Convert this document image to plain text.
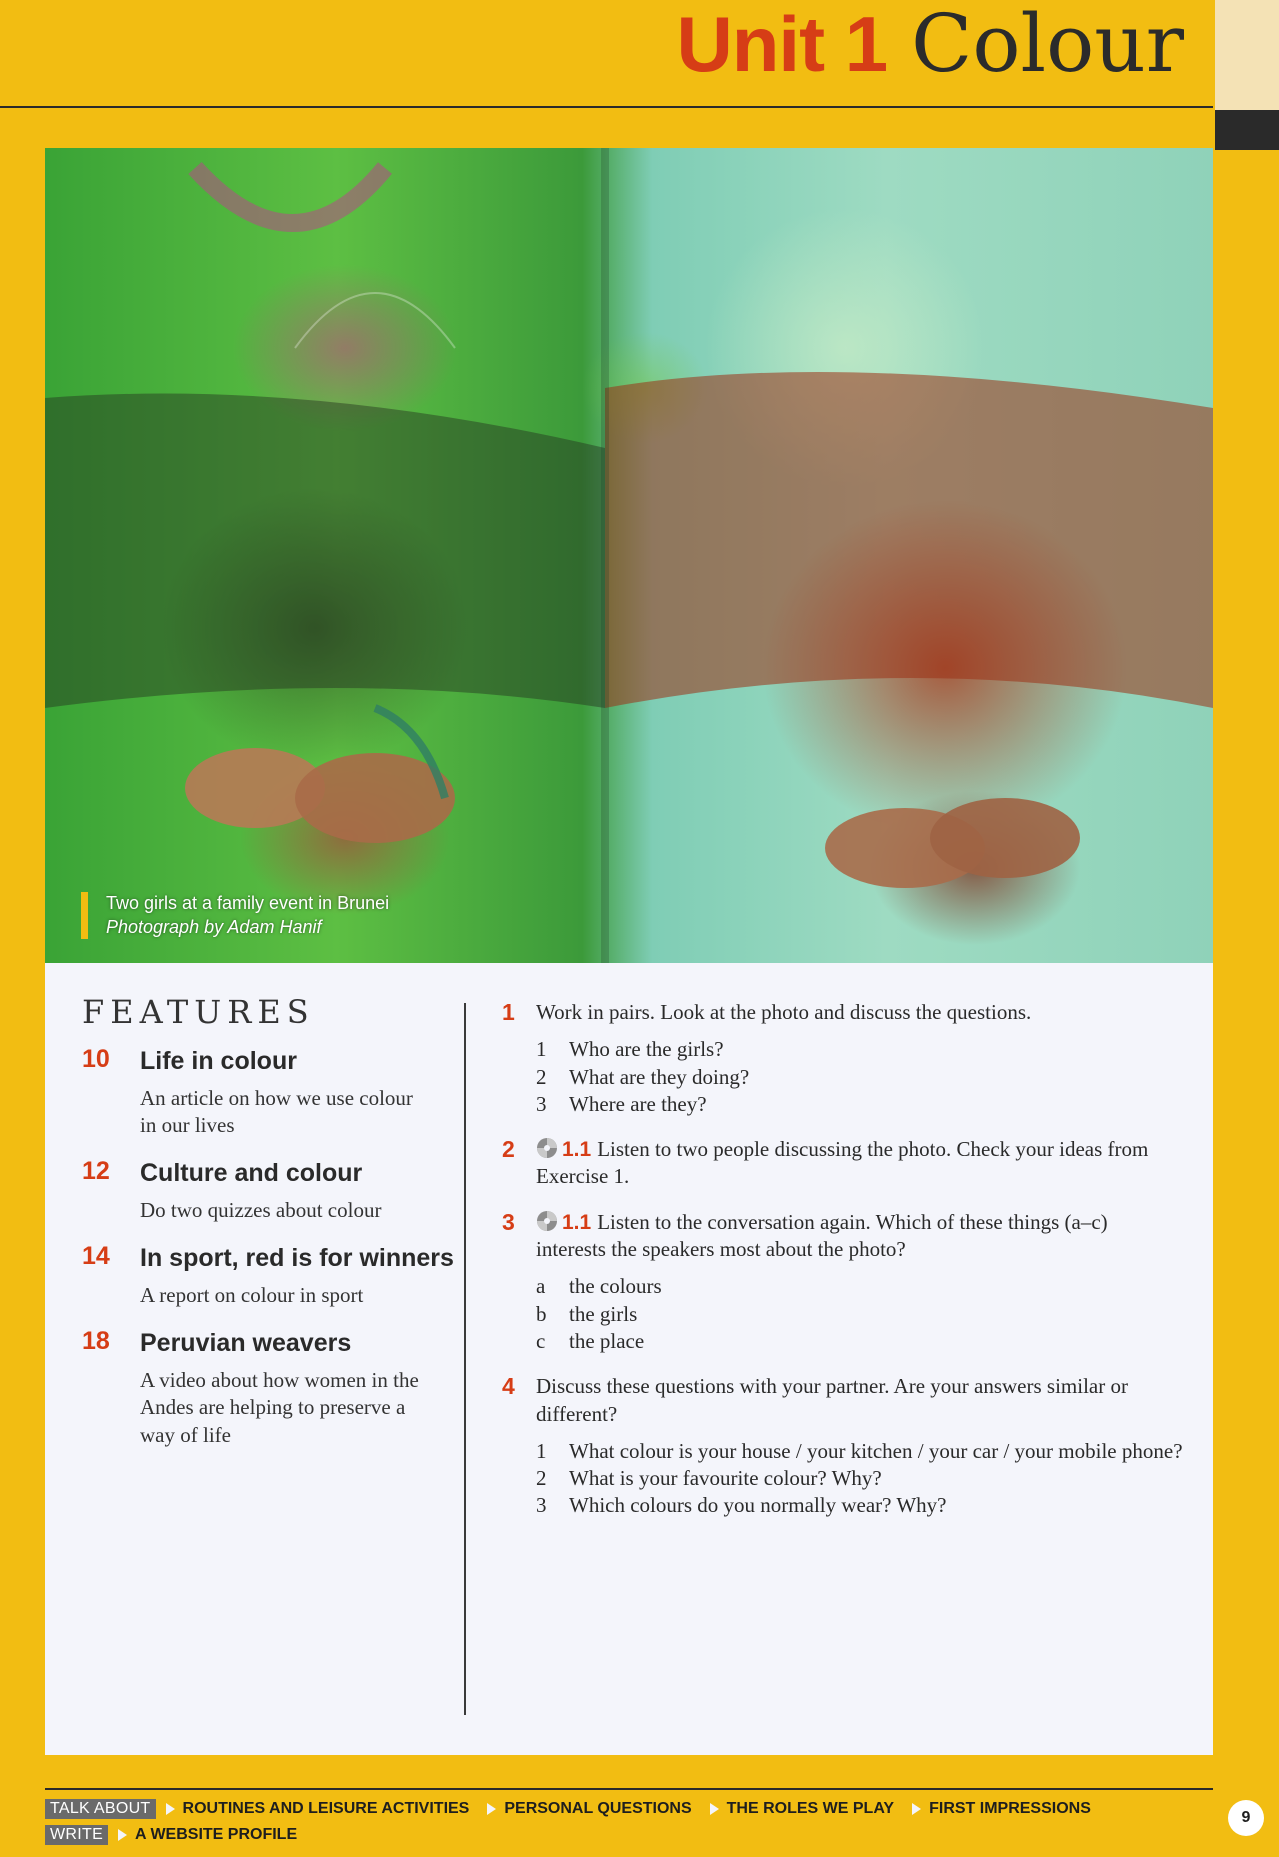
Unit 1 Colour
Two girls at a family event in Brunei
Photograph by Adam Hanif
FEATURES
10 Life in colour
An article on how we use colour in our lives
12 Culture and colour
Do two quizzes about colour
14 In sport, red is for winners
A report on colour in sport
18 Peruvian weavers
A video about how women in the Andes are helping to preserve a way of life
1 Work in pairs. Look at the photo and discuss the questions.
1 Who are the girls?
2 What are they doing?
3 Where are they?
2	1.1 Listen to two people discussing the photo. Check your ideas from Exercise 1.
3	1.1 Listen to the conversation again. Which of these things (a–c) interests the speakers most about the photo?
a the colours
b the girls
c the place
4 Discuss these questions with your partner. Are your answers similar or different?
1 What colour is your house / your kitchen / your car / your mobile phone?
2 What is your favourite colour? Why?
3 Which colours do you normally wear? Why?
TALK ABOUT	ROUTINES AND LEISURE ACTIVITIES PERSONAL QUESTIONS THE ROLES WE PLAY FIRST IMPRESSIONS
WRITE	A WEBSITE PROFILE
9
